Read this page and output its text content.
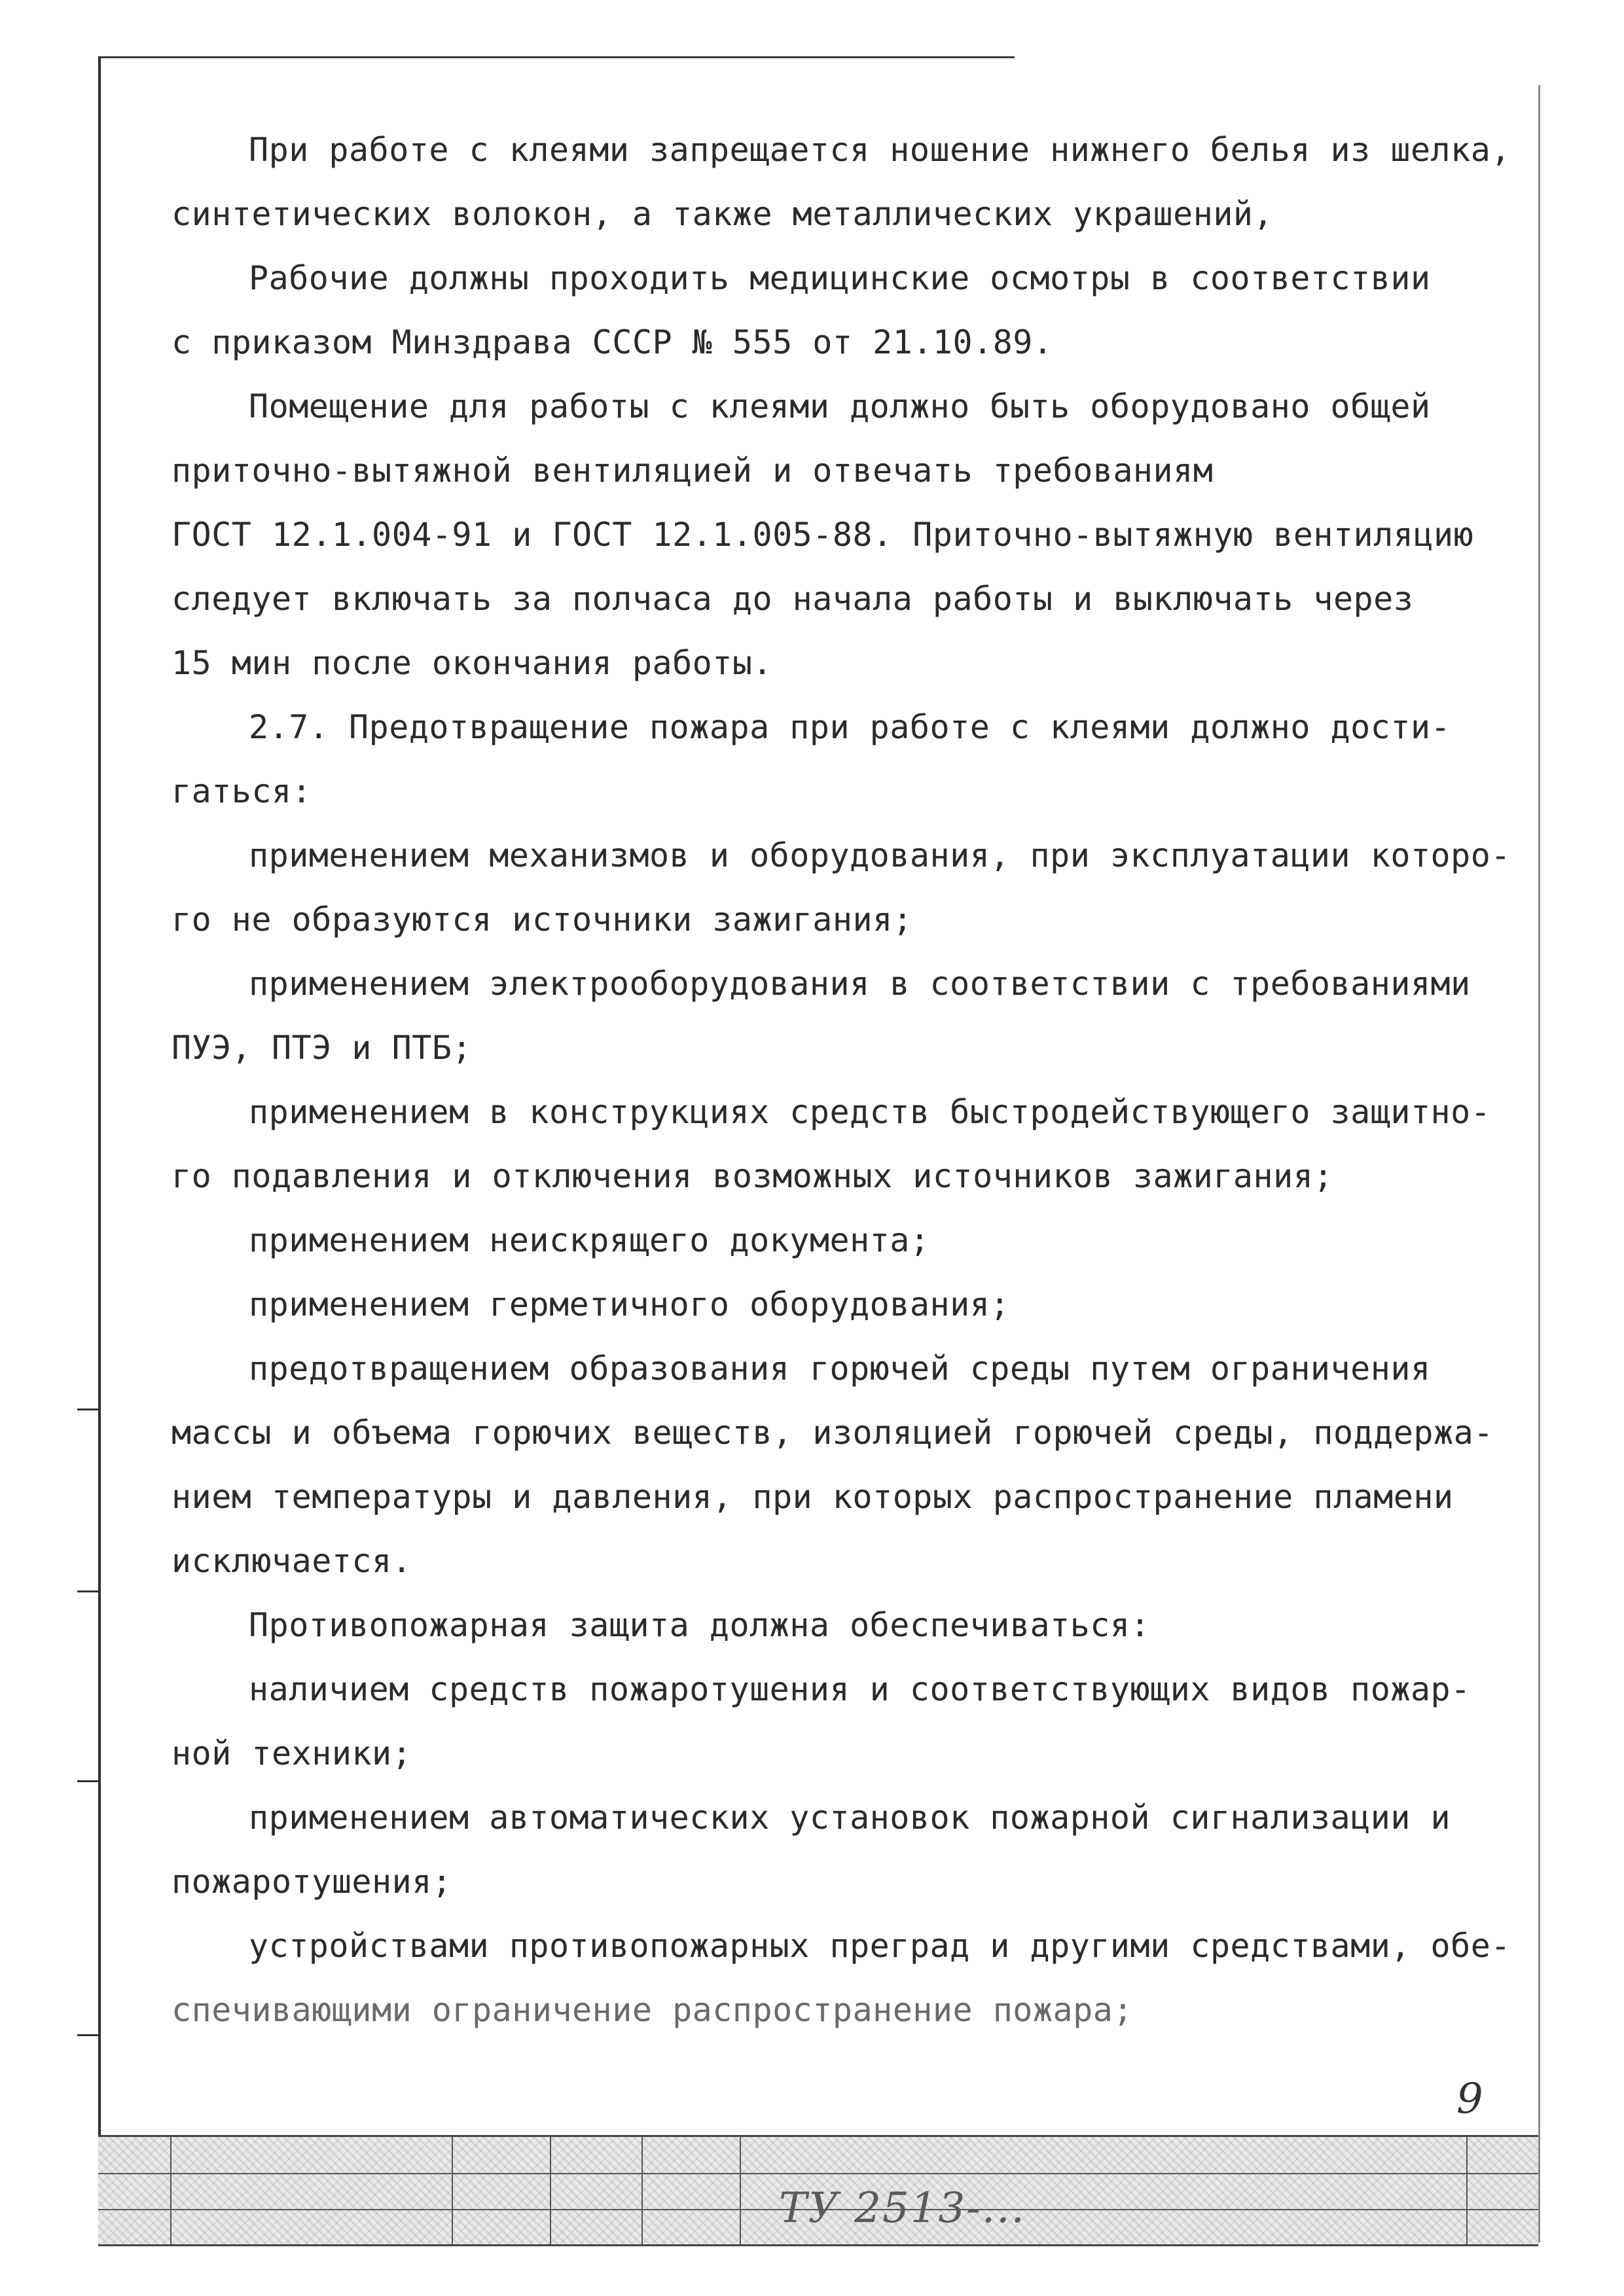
При работе с клеями запрещается ношение нижнего белья из шелка,
синтетических волокон, а также металлических украшений,
Рабочие должны проходить медицинские осмотры в соответствии
с приказом Минздрава СССР № 555 от 21.10.89.
Помещение для работы с клеями должно быть оборудовано общей
приточно-вытяжной вентиляцией и отвечать требованиям
ГОСТ 12.1.004-91 и ГОСТ 12.1.005-88. Приточно-вытяжную вентиляцию
следует включать за полчаса до начала работы и выключать через
15 мин после окончания работы.
2.7. Предотвращение пожара при работе с клеями должно дости-
гаться:
применением механизмов и оборудования, при эксплуатации которо-
го не образуются источники зажигания;
применением электрооборудования в соответствии с требованиями
ПУЭ, ПТЭ и ПТБ;
применением в конструкциях средств быстродействующего защитно-
го подавления и отключения возможных источников зажигания;
применением неискрящего документа;
применением герметичного оборудования;
предотвращением образования горючей среды путем ограничения
массы и объема горючих веществ, изоляцией горючей среды, поддержа-
нием температуры и давления, при которых распространение пламени
исключается.
Противопожарная защита должна обеспечиваться:
наличием средств пожаротушения и соответствующих видов пожар-
ной техники;
применением автоматических установок пожарной сигнализации и
пожаротушения;
устройствами противопожарных преград и другими средствами, обе-
спечивающими ограничение распространение пожара;
9
ТУ 2513-...
